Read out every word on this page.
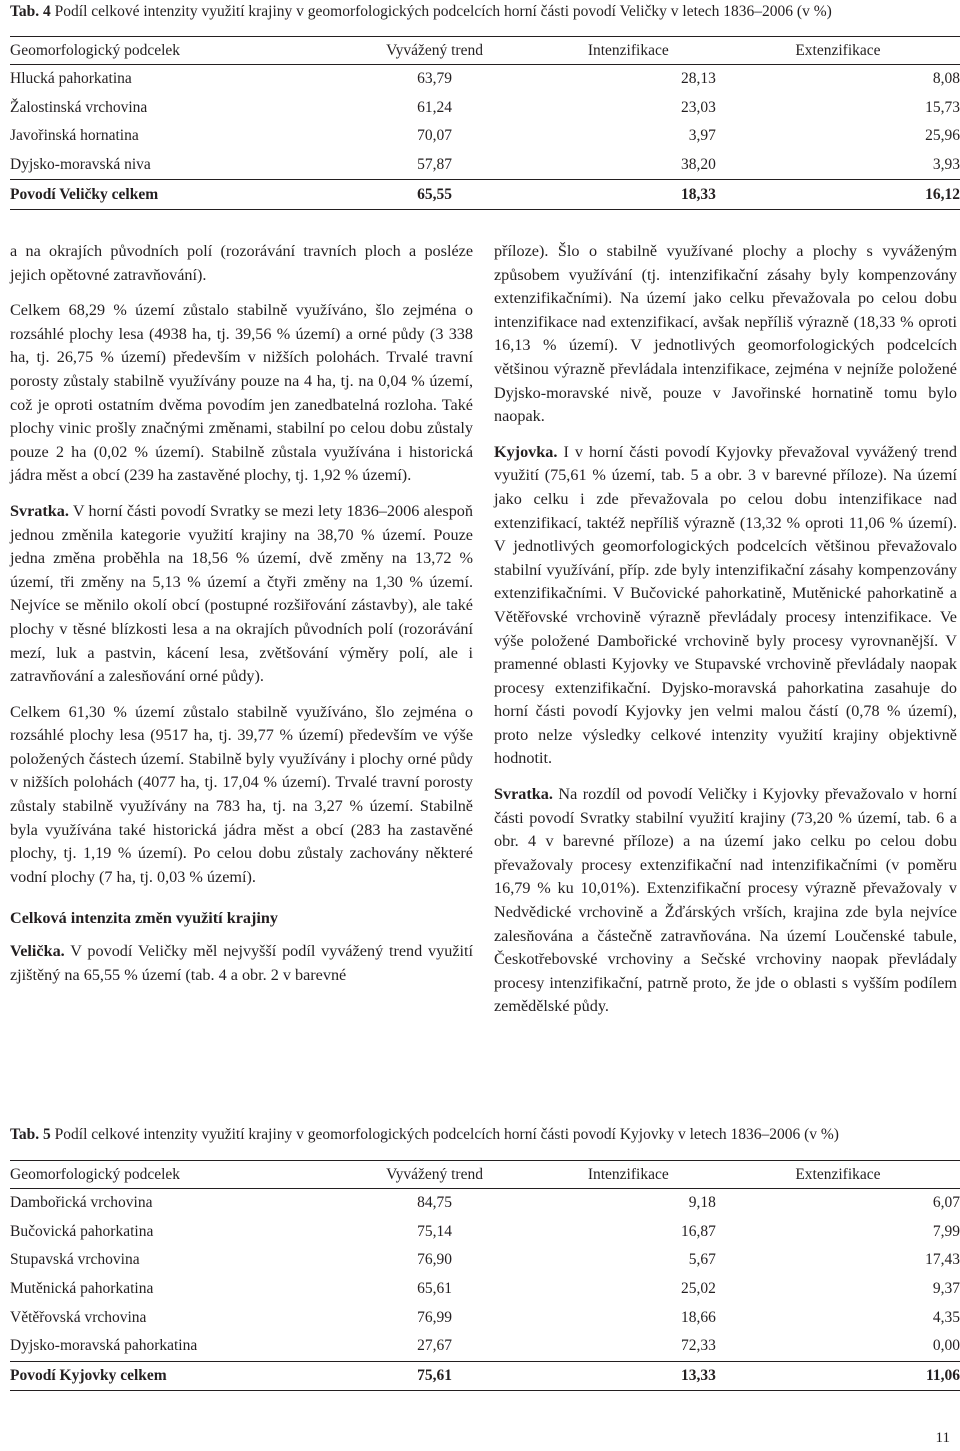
Tab. 4 Podíl celkové intenzity využití krajiny v geomorfologických podcelcích horní části povodí Veličky v letech 1836–2006 (v %)
Geomorfologický podcelek	Vyvážený trend	Intenzifikace	Extenzifikace
Hlucká pahorkatina	63,79	28,13	8,08
Žalostinská vrchovina	61,24	23,03	15,73
Javořinská hornatina	70,07	3,97	25,96
Dyjsko-moravská niva	57,87	38,20	3,93
Povodí Veličky celkem	65,55	18,33	16,12

a na okrajích původních polí (rozorávání travních ploch a posléze jejich opětovné zatravňování).

Celkem 68,29 % území zůstalo stabilně využíváno, šlo zejména o rozsáhlé plochy lesa (4938 ha, tj. 39,56 % území) a orné půdy (3 338 ha, tj. 26,75 % území) především v nižších polohách. Trvalé travní porosty zůstaly stabilně využívány pouze na 4 ha, tj. na 0,04 % území, což je oproti ostatním dvěma povodím jen zanedbatelná rozloha. Také plochy vinic prošly značnými změnami, stabilní po celou dobu zůstaly pouze 2 ha (0,02 % území). Stabilně zůstala využívána i historická jádra měst a obcí (239 ha zastavěné plochy, tj. 1,92 % území).

Svratka. V horní části povodí Svratky se mezi lety 1836–2006 alespoň jednou změnila kategorie využití krajiny na 38,70 % území. Pouze jedna změna proběhla na 18,56 % území, dvě změny na 13,72 % území, tři změny na 5,13 % území a čtyři změny na 1,30 % území. Nejvíce se měnilo okolí obcí (postupné rozšiřování zástavby), ale také plochy v těsné blízkosti lesa a na okrajích původních polí (rozorávání mezí, luk a pastvin, kácení lesa, zvětšování výměry polí, ale i zatravňování a zalesňování orné půdy).

Celkem 61,30 % území zůstalo stabilně využíváno, šlo zejména o rozsáhlé plochy lesa (9517 ha, tj. 39,77 % území) především ve výše položených částech území. Stabilně byly využívány i plochy orné půdy v nižších polohách (4077 ha, tj. 17,04 % území). Trvalé travní porosty zůstaly stabilně využívány na 783 ha, tj. na 3,27 % území. Stabilně byla využívána také historická jádra měst a obcí (283 ha zastavěné plochy, tj. 1,19 % území). Po celou dobu zůstaly zachovány některé vodní plochy (7 ha, tj. 0,03 % území).

Celková intenzita změn využití krajiny

Velička. V povodí Veličky měl nejvyšší podíl vyvážený trend využití zjištěný na 65,55 % území (tab. 4 a obr. 2 v barevné

příloze). Šlo o stabilně využívané plochy a plochy s vyváženým způsobem využívání (tj. intenzifikační zásahy byly kompenzovány extenzifikačními). Na území jako celku převažovala po celou dobu intenzifikace nad extenzifikací, avšak nepříliš výrazně (18,33 % oproti 16,13 % území). V jednotlivých geomorfologických podcelcích většinou výrazně převládala intenzifikace, zejména v nejníže položené Dyjsko-moravské nivě, pouze v Javořinské hornatině tomu bylo naopak.

Kyjovka. I v horní části povodí Kyjovky převažoval vyvážený trend využití (75,61 % území, tab. 5 a obr. 3 v barevné příloze). Na území jako celku i zde převažovala po celou dobu intenzifikace nad extenzifikací, taktéž nepříliš výrazně (13,32 % oproti 11,06 % území). V jednotlivých geomorfologických podcelcích většinou převažovalo stabilní využívání, příp. zde byly intenzifikační zásahy kompenzovány extenzifikačními. V Bučovické pahorkatině, Mutěnické pahorkatině a Větěřovské vrchovině výrazně převládaly procesy intenzifikace. Ve výše položené Dambořické vrchovině byly procesy vyrovnanější. V pramenné oblasti Kyjovky ve Stupavské vrchovině převládaly naopak procesy extenzifikační. Dyjsko-moravská pahorkatina zasahuje do horní části povodí Kyjovky jen velmi malou částí (0,78 % území), proto nelze výsledky celkové intenzity využití krajiny objektivně hodnotit.

Svratka. Na rozdíl od povodí Veličky i Kyjovky převažovalo v horní části povodí Svratky stabilní využití krajiny (73,20 % území, tab. 6 a obr. 4 v barevné příloze) a na území jako celku po celou dobu převažovaly procesy extenzifikační nad intenzifikačními (v poměru 16,79 % ku 10,01%). Extenzifikační procesy výrazně převažovaly v Nedvědické vrchovině a Žďárských vrších, krajina zde byla nejvíce zalesňována a částečně zatravňována. Na území Loučenské tabule, Českotřebovské vrchoviny a Sečské vrchoviny naopak převládaly procesy intenzifikační, patrně proto, že jde o oblasti s vyšším podílem zemědělské půdy.

Tab. 5 Podíl celkové intenzity využití krajiny v geomorfologických podcelcích horní části povodí Kyjovky v letech 1836–2006 (v %)
Geomorfologický podcelek	Vyvážený trend	Intenzifikace	Extenzifikace
Dambořická vrchovina	84,75	9,18	6,07
Bučovická pahorkatina	75,14	16,87	7,99
Stupavská vrchovina	76,90	5,67	17,43
Mutěnická pahorkatina	65,61	25,02	9,37
Větěřovská vrchovina	76,99	18,66	4,35
Dyjsko-moravská pahorkatina	27,67	72,33	0,00
Povodí Kyjovky celkem	75,61	13,33	11,06
11
